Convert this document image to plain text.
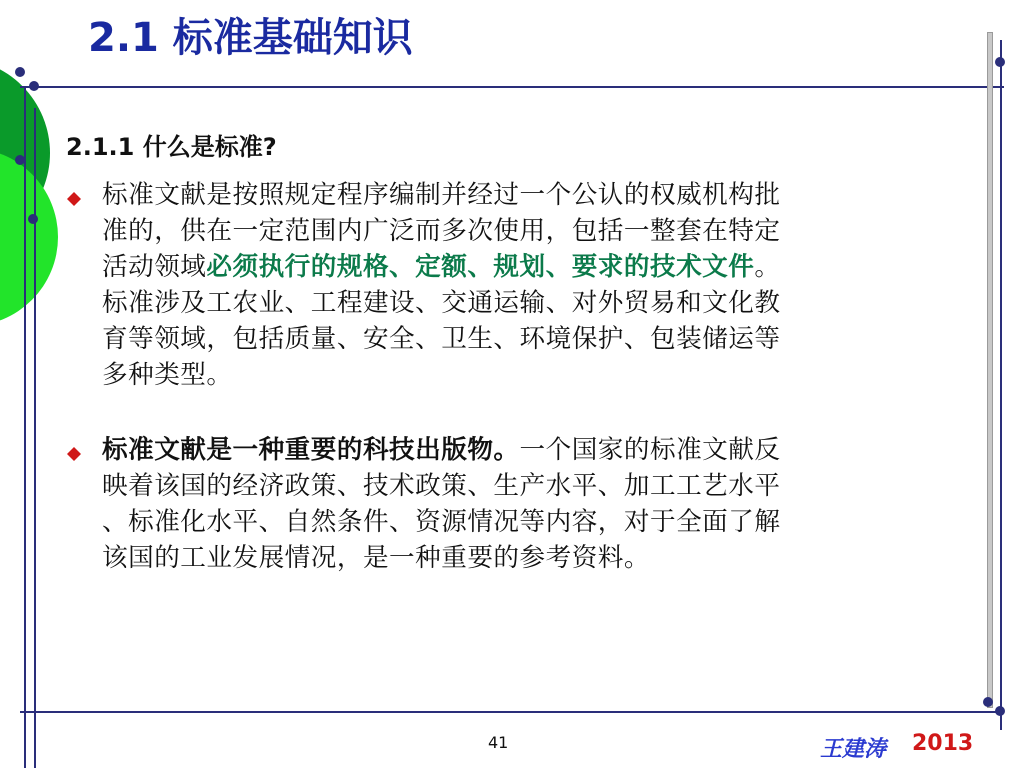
2.1 标准基础知识
2.1.1 什么是标准?
标准文献是按照规定程序编制并经过一个公认的权威机构批
准的，供在一定范围内广泛而多次使用，包括一整套在特定
活动领域必须执行的规格、定额、规划、要求的技术文件。
标准涉及工农业、工程建设、交通运输、对外贸易和文化教
育等领域，包括质量、安全、卫生、环境保护、包装储运等
多种类型。
标准文献是一种重要的科技出版物。一个国家的标准文献反
映着该国的经济政策、技术政策、生产水平、加工工艺水平
、标准化水平、自然条件、资源情况等内容，对于全面了解
该国的工业发展情况，是一种重要的参考资料。
41	王建涛 2013
